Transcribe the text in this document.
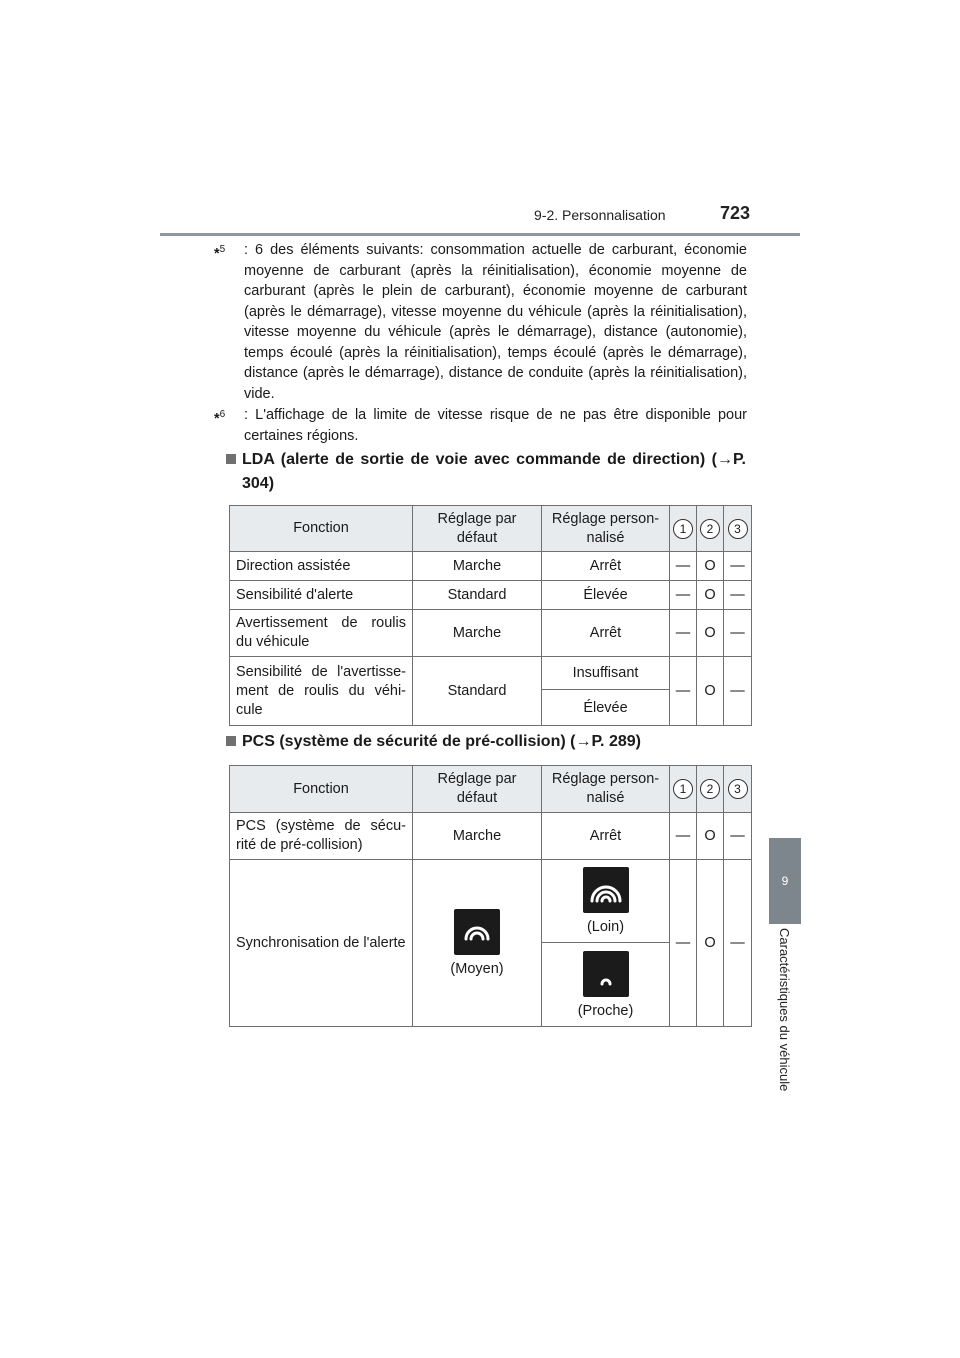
9-2. Personnalisation	723
9
Caractéristiques du véhicule
*$^5$ : 6 des éléments suivants: consommation actuelle de carburant, économie moyenne de carburant (après la réinitialisation), économie moyenne de carburant (après le plein de carburant), économie moyenne de carburant (après le démarrage), vitesse moyenne du véhicule (après la réinitialisation), vitesse moyenne du véhicule (après le démarrage), distance (autonomie), temps écoulé (après la réinitialisation), temps écoulé (après le démarrage), distance (après le démarrage), distance de conduite (après la réinitialisation), vide.
*$^6$ : L'affichage de la limite de vitesse risque de ne pas être disponible pour certaines régions.
LDA (alerte de sortie de voie avec commande de direction) (→P. 304)
Fonction	Réglage par défaut	Réglage person-nalisé	1	2	3
Direction assistée	Marche	Arrêt	—	O	—
Sensibilité d'alerte	Standard	Élevée	—	O	—
Avertissement de roulis du véhicule	Marche	Arrêt	—	O	—
Sensibilité de l'avertisse-ment de roulis du véhi-cule	Standard	Insuffisant	—	O	—
		Élevée			
PCS (système de sécurité de pré-collision) (→P. 289)
Fonction	Réglage par défaut	Réglage person-nalisé	1	2	3
PCS (système de sécu-rité de pré-collision)	Marche	Arrêt	—	O	—
Synchronisation de l'alerte	(Moyen)	(Loin)	—	O	—

		(Proche)			
